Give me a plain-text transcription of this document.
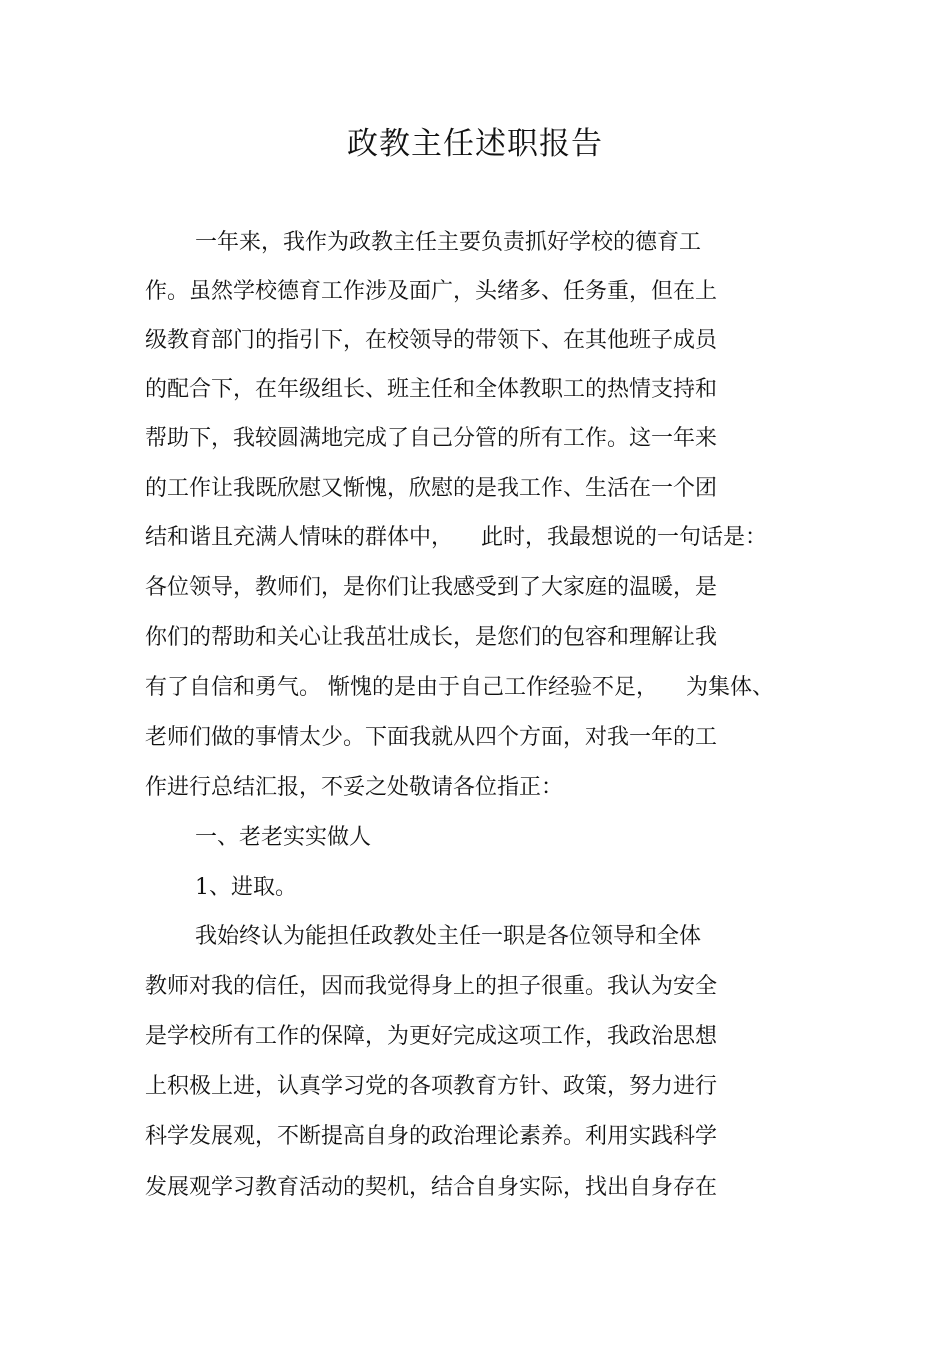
政教主任述职报告
一年来，我作为政教主任主要负责抓好学校的德育工
作。虽然学校德育工作涉及面广，头绪多、任务重，但在上
级教育部门的指引下，在校领导的带领下、在其他班子成员
的配合下，在年级组长、班主任和全体教职工的热情支持和
帮助下，我较圆满地完成了自己分管的所有工作。这一年来
的工作让我既欣慰又惭愧，欣慰的是我工作、生活在一个团
结和谐且充满人情味的群体中，    此时，我最想说的一句话是：
各位领导，教师们，是你们让我感受到了大家庭的温暖，是
你们的帮助和关心让我茁壮成长，是您们的包容和理解让我
有了自信和勇气。 惭愧的是由于自己工作经验不足，    为集体、
老师们做的事情太少。下面我就从四个方面，对我一年的工
作进行总结汇报，不妥之处敬请各位指正：
一、老老实实做人
1、进取。
我始终认为能担任政教处主任一职是各位领导和全体
教师对我的信任，因而我觉得身上的担子很重。我认为安全
是学校所有工作的保障，为更好完成这项工作，我政治思想
上积极上进，认真学习党的各项教育方针、政策，努力进行
科学发展观，不断提高自身的政治理论素养。利用实践科学
发展观学习教育活动的契机，结合自身实际，找出自身存在
